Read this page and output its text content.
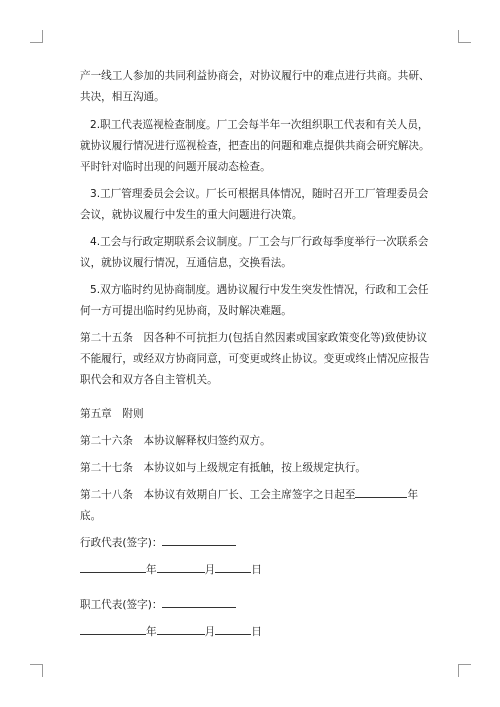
产一线工人参加的共同利益协商会，对协议履行中的难点进行共商。共研、共决，相互沟通。

2.职工代表巡视检查制度。厂工会每半年一次组织职工代表和有关人员，就协议履行情况进行巡视检查，把查出的问题和难点提供共商会研究解决。平时针对临时出现的问题开展动态检查。

3.工厂管理委员会会议。厂长可根据具体情况，随时召开工厂管理委员会会议，就协议履行中发生的重大问题进行决策。

4.工会与行政定期联系会议制度。厂工会与厂行政每季度举行一次联系会议，就协议履行情况，互通信息，交换看法。

5.双方临时约见协商制度。遇协议履行中发生突发性情况，行政和工会任何一方可提出临时约见协商，及时解决难题。

第二十五条　因各种不可抗拒力(包括自然因素或国家政策变化等)致使协议不能履行，或经双方协商同意，可变更或终止协议。变更或终止情况应报告职代会和双方各自主管机关。

第五章　附则

第二十六条　本协议解释权归签约双方。

第二十七条　本协议如与上级规定有抵触，按上级规定执行。

第二十八条　本协议有效期自厂长、工会主席签字之日起至	年底。

行政代表(签字)：

年	月	日

职工代表(签字)：

年	月	日
